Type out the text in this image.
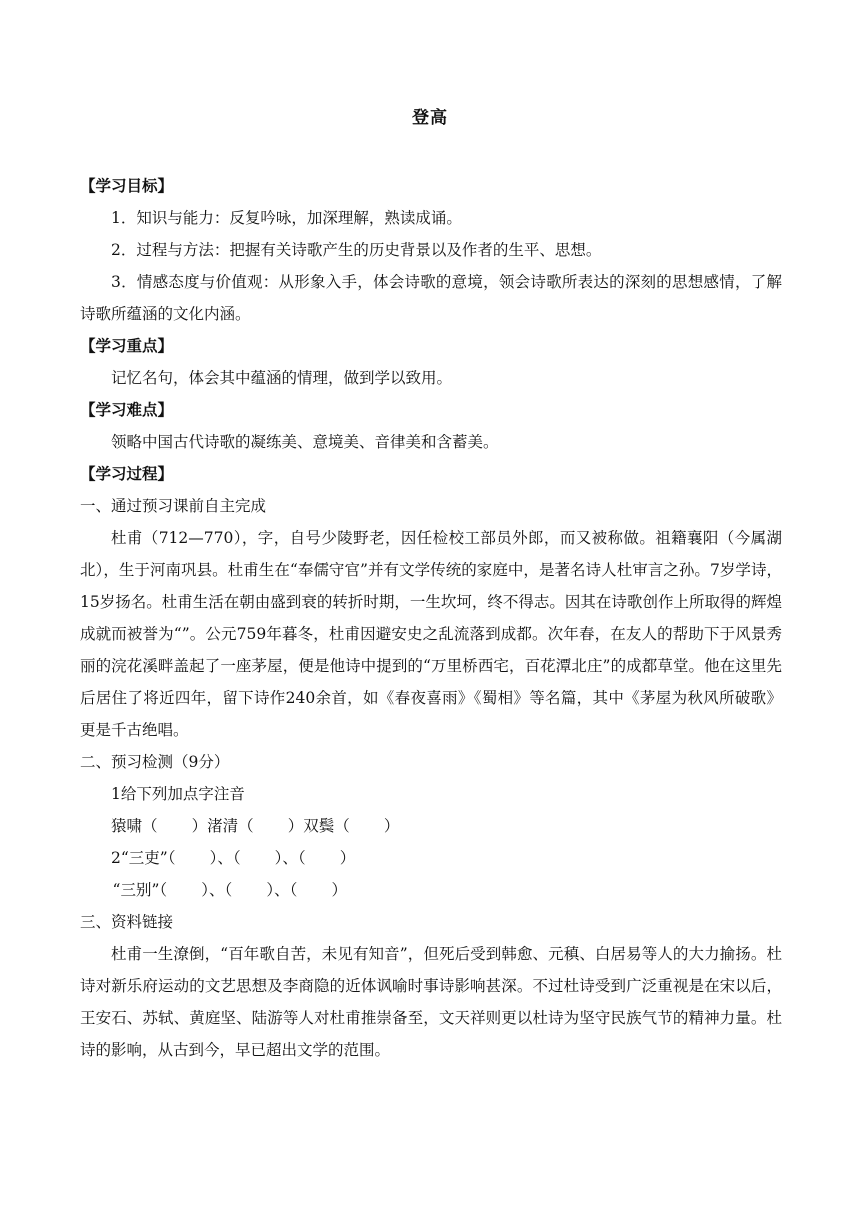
登高
【学习目标】

1．知识与能力：反复吟咏，加深理解，熟读成诵。

2．过程与方法：把握有关诗歌产生的历史背景以及作者的生平、思想。

3．情感态度与价值观：从形象入手，体会诗歌的意境，领会诗歌所表达的深刻的思想感情，了解诗歌所蕴涵的文化内涵。

【学习重点】

记忆名句，体会其中蕴涵的情理，做到学以致用。

【学习难点】

领略中国古代诗歌的凝练美、意境美、音律美和含蓄美。

【学习过程】
一、通过预习课前自主完成

杜甫（712—770），字，自号少陵野老，因任检校工部员外郎，而又被称做。祖籍襄阳（今属湖北），生于河南巩县。杜甫生在“奉儒守官”并有文学传统的家庭中，是著名诗人杜审言之孙。7岁学诗，15岁扬名。杜甫生活在朝由盛到衰的转折时期，一生坎坷，终不得志。因其在诗歌创作上所取得的辉煌成就而被誉为“”。公元759年暮冬，杜甫因避安史之乱流落到成都。次年春，在友人的帮助下于风景秀丽的浣花溪畔盖起了一座茅屋，便是他诗中提到的“万里桥西宅，百花潭北庄”的成都草堂。他在这里先后居住了将近四年，留下诗作240余首，如《春夜喜雨》《蜀相》等名篇，其中《茅屋为秋风所破歌》更是千古绝唱。

二、预习检测（9分）
1给下列加点字注音
猿啸（ ）渚清（ ）双鬓（ ）
2“三吏”（ ）、（ ）、（ ）
“三别”（ ）、（ ）、（ ）
三、资料链接

杜甫一生潦倒，“百年歌自苦，未见有知音”，但死后受到韩愈、元稹、白居易等人的大力揄扬。杜诗对新乐府运动的文艺思想及李商隐的近体讽喻时事诗影响甚深。不过杜诗受到广泛重视是在宋以后，王安石、苏轼、黄庭坚、陆游等人对杜甫推崇备至，文天祥则更以杜诗为坚守民族气节的精神力量。杜诗的影响，从古到今，早已超出文学的范围。
